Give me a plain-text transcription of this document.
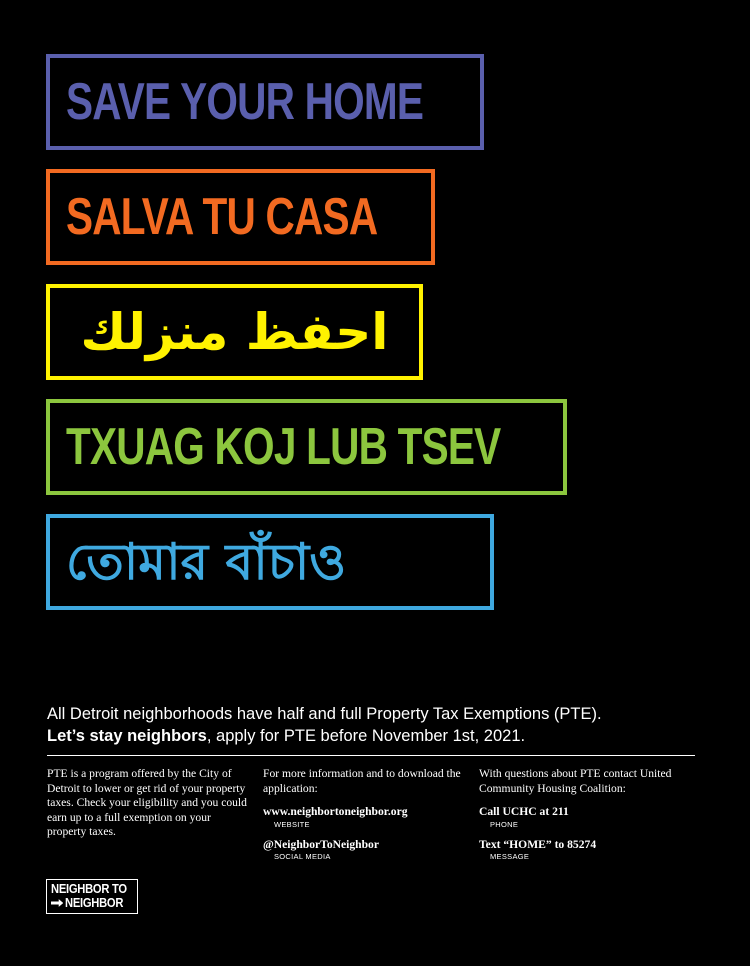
SAVE YOUR HOME
SALVA TU CASA
احفظ منزلك
TXUAG KOJ LUB TSEV
তোমার বাঁচাও
All Detroit neighborhoods have half and full Property Tax Exemptions (PTE).
Let’s stay neighbors, apply for PTE before November 1st, 2021.
PTE is a program offered by the City of Detroit to lower or get rid of your property taxes. Check your eligibility and you could earn up to a full exemption on your property taxes.
For more information and to download the application:
www.neighbortoneighbor.org
WEBSITE
@NeighborToNeighbor
SOCIAL MEDIA
With questions about PTE contact United Community Housing Coalition:
Call UCHC at 211
PHONE
Text “HOME” to 85274
MESSAGE
NEIGHBOR TO
NEIGHBOR
